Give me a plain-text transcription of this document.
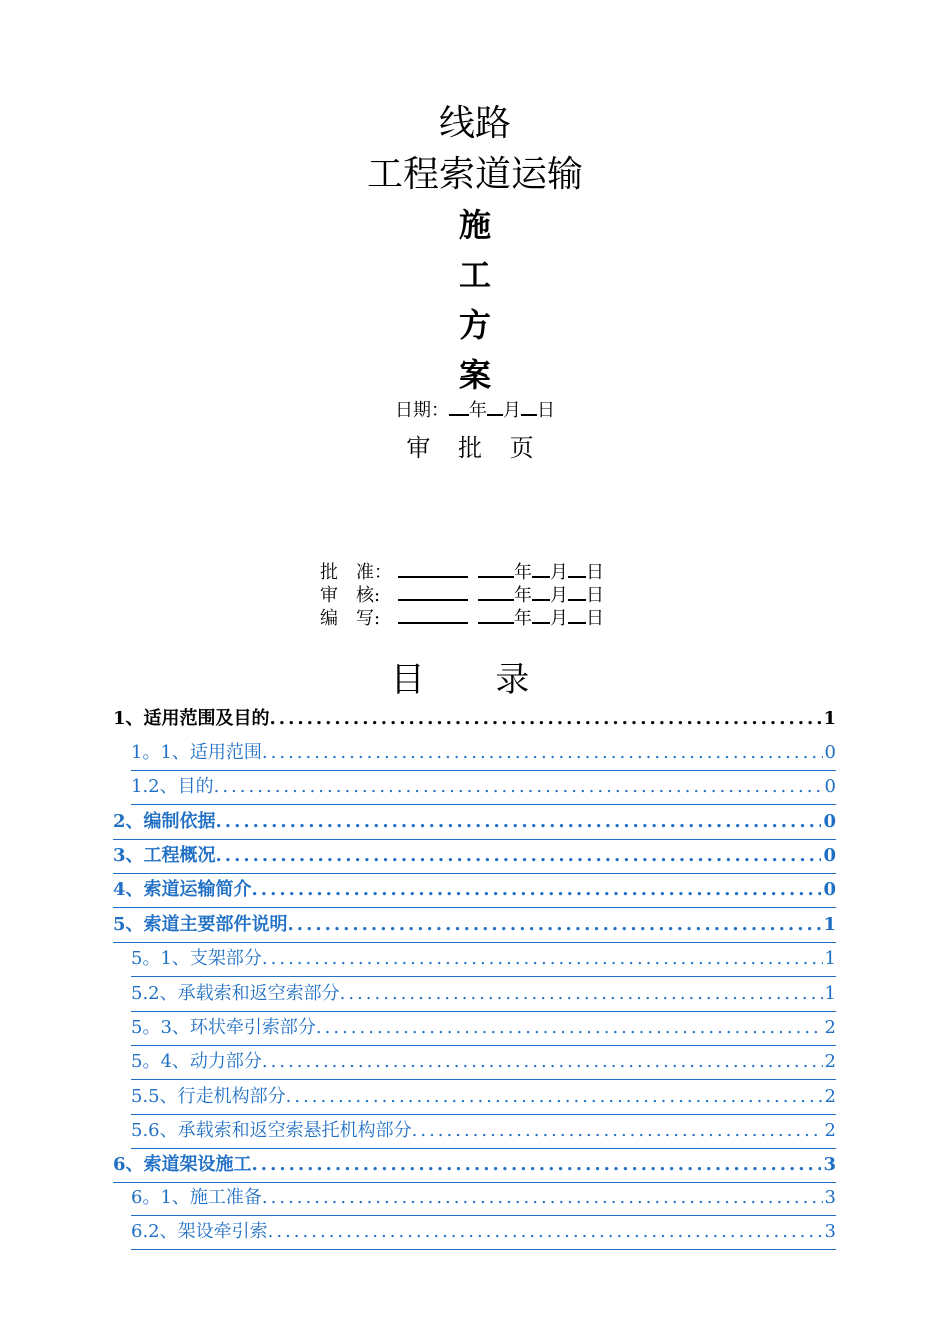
线路
工程索道运输
施
工
方
案
日期： 年 月 日
审 批 页
批　准：	年 月 日
审　核:	年 月 日
编　写:	年 月 日
目 录
1、适用范围及目的 .....	1
1。1、适用范围 .....	0
1.2、目的 .....	0
2、编制依据 .....	0
3、工程概况 .....	0
4、索道运输简介 .....	0
5、索道主要部件说明 .....	1
5。1、支架部分 .....	1
5.2、承载索和返空索部分 .....	1
5。3、环状牵引索部分 .....	2
5。4、动力部分 .....	2
5.5、行走机构部分 .....	2
5.6、承载索和返空索悬托机构部分 .....	2
6、索道架设施工 .....	3
6。1、施工准备 .....	3
6.2、架设牵引索 .....	3
